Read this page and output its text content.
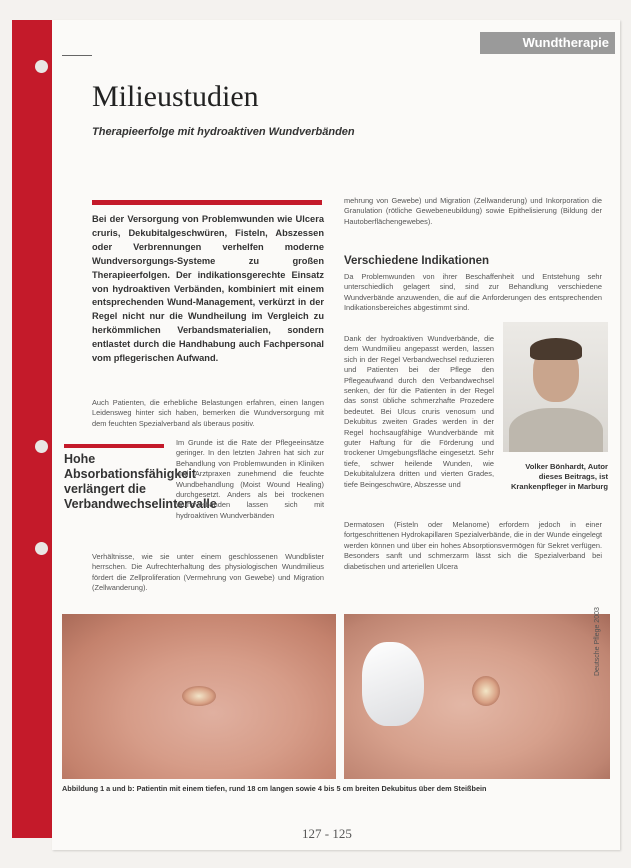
Wundtherapie
Milieustudien
Therapieerfolge mit hydroaktiven Wundverbänden
Bei der Versorgung von Problemwunden wie Ulcera cruris, Dekubitalgeschwüren, Fisteln, Abszessen oder Verbrennungen verhelfen moderne Wundversorgungs-Systeme zu großen Therapieerfolgen. Der indikationsgerechte Einsatz von hydroaktiven Verbänden, kombiniert mit einem entsprechenden Wund-Management, verkürzt in der Regel nicht nur die Wundheilung im Vergleich zu herkömmlichen Verbandsmaterialien, sondern entlastet durch die Handhabung auch Fachpersonal vom pflegerischen Aufwand.
Auch Patienten, die erhebliche Belastungen erfahren, einen langen Leidensweg hinter sich haben, bemerken die Wundversorgung mit dem feuchten Spezialverband als überaus positiv.
Hohe Absorbationsfähigkeit verlängert die Verbandwechselintervalle
Im Grunde ist die Rate der Pflegeeinsätze geringer. In den letzten Jahren hat sich zur Behandlung von Problemwunden in Kliniken und Arztpraxen zunehmend die feuchte Wundbehandlung (Moist Wound Healing) durchgesetzt. Anders als bei trockenen Wundverbänden lassen sich mit hydroaktiven Wundverbänden
Verhältnisse, wie sie unter einem geschlossenen Wundblister herrschen. Die Aufrechterhaltung des physiologischen Wundmilieus fördert die Zellproliferation (Vermehrung von Gewebe) und Migration (Zellwanderung).
mehrung von Gewebe) und Migration (Zellwanderung) und Inkorporation die Granulation (rötliche Gewebeneubildung) sowie Epithelisierung (Bildung der Hautoberflächengewebes).
Verschiedene Indikationen
Da Problemwunden von ihrer Beschaffenheit und Entstehung sehr unterschiedlich gelagert sind, sind zur Behandlung verschiedene Wundverbände anzuwenden, die auf die Anforderungen des entsprechenden Indikationsbereiches abgestimmt sind.
Dank der hydroaktiven Wundverbände, die dem Wundmilieu angepasst werden, lassen sich in der Regel Verbandwechsel reduzieren und Patienten bei der Pflege den Pflegeaufwand durch den Verbandwechsel senken, der für die Patienten in der Regel das sonst übliche schmerzhafte Prozedere bedeutet. Bei Ulcus cruris venosum und Dekubitus zweiten Grades werden in der Regel hochsaugfähige Wundverbände mit guter Haftung für die Förderung und trockener Umgebungsfläche eingesetzt. Sehr tiefe, schwer heilende Wunden, wie Dekubitalulzera dritten und vierten Grades, tiefe Beingeschwüre, Abszesse und
Dermatosen (Fisteln oder Melanome) erfordern jedoch in einer fortgeschrittenen Hydrokapillaren Spezialverbände, die in der Wunde eingelegt werden können und über ein hohes Absorptionsvermögen für Sekret verfügen. Besonders sanft und schmerzarm lässt sich die Spezialverband bei diabetischen und arteriellen Ulcera
Volker Bönhardt, Autor dieses Beitrags, ist Krankenpfleger in Marburg
Abbildung 1 a und b: Patientin mit einem tiefen, rund 18 cm langen sowie 4 bis 5 cm breiten Dekubitus über dem Steißbein
Deutsche Pflege 2003
127 - 125
